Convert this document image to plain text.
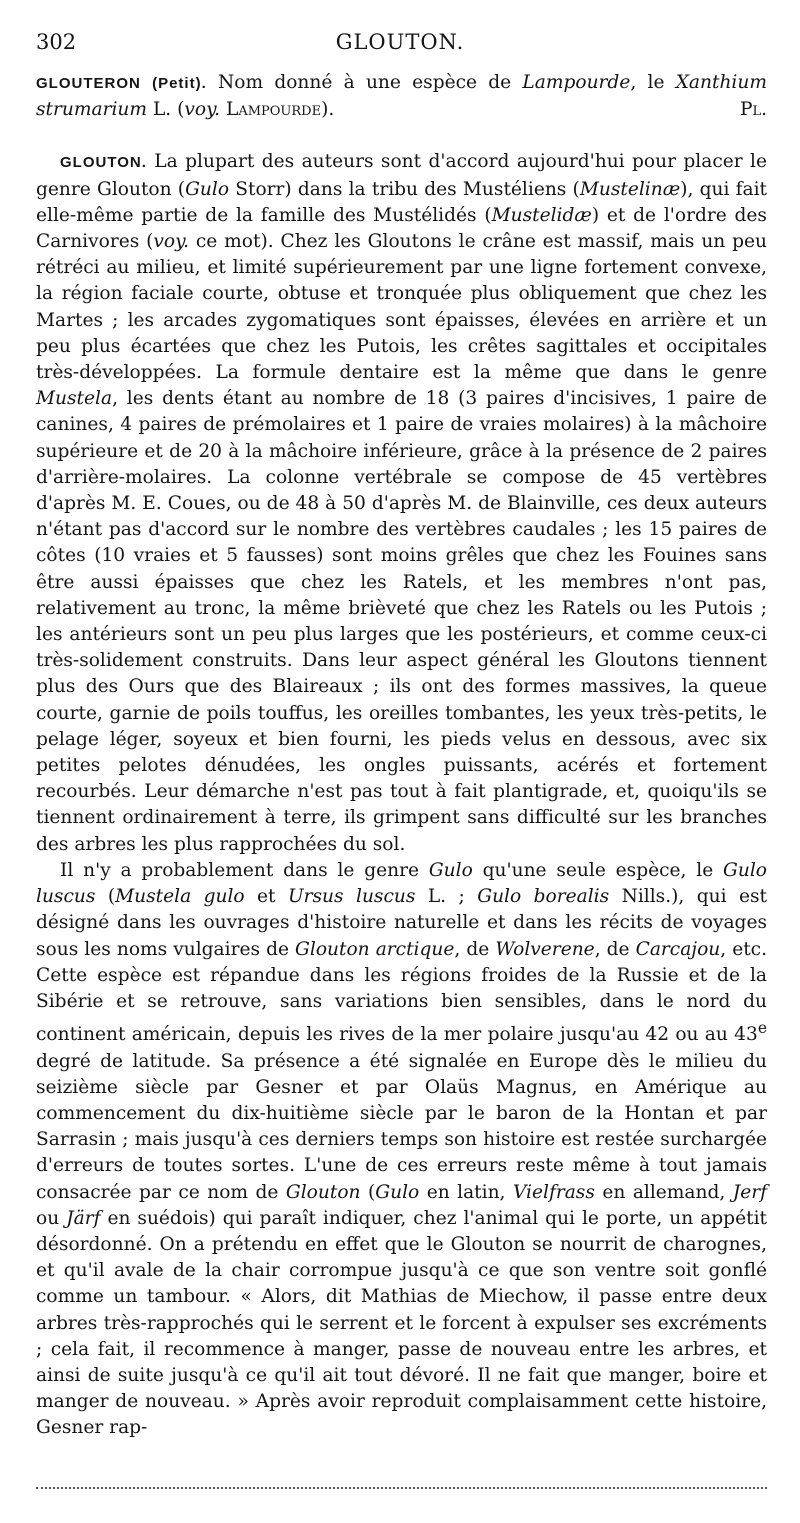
302	GLOUTON.

GLOUTERON (Petit). Nom donné à une espèce de Lampourde, le Xanthium strumarium L. (voy. Lampourde).	Pl.

GLOUTON. La plupart des auteurs sont d'accord aujourd'hui pour placer le genre Glouton (Gulo Storr) dans la tribu des Mustéliens (Mustelinæ), qui fait elle-même partie de la famille des Mustélidés (Mustelidæ) et de l'ordre des Carnivores (voy. ce mot). Chez les Gloutons le crâne est massif, mais un peu rétréci au milieu, et limité supérieurement par une ligne fortement convexe, la région faciale courte, obtuse et tronquée plus obliquement que chez les Martes ; les arcades zygomatiques sont épaisses, élevées en arrière et un peu plus écartées que chez les Putois, les crêtes sagittales et occipitales très-développées. La formule dentaire est la même que dans le genre Mustela, les dents étant au nombre de 18 (3 paires d'incisives, 1 paire de canines, 4 paires de prémolaires et 1 paire de vraies molaires) à la mâchoire supérieure et de 20 à la mâchoire inférieure, grâce à la présence de 2 paires d'arrière-molaires. La colonne vertébrale se compose de 45 vertèbres d'après M. E. Coues, ou de 48 à 50 d'après M. de Blainville, ces deux auteurs n'étant pas d'accord sur le nombre des vertèbres caudales ; les 15 paires de côtes (10 vraies et 5 fausses) sont moins grêles que chez les Fouines sans être aussi épaisses que chez les Ratels, et les membres n'ont pas, relativement au tronc, la même brièveté que chez les Ratels ou les Putois ; les antérieurs sont un peu plus larges que les postérieurs, et comme ceux-ci très-solidement construits. Dans leur aspect général les Gloutons tiennent plus des Ours que des Blaireaux ; ils ont des formes massives, la queue courte, garnie de poils touffus, les oreilles tombantes, les yeux très-petits, le pelage léger, soyeux et bien fourni, les pieds velus en dessous, avec six petites pelotes dénudées, les ongles puissants, acérés et fortement recourbés. Leur démarche n'est pas tout à fait plantigrade, et, quoiqu'ils se tiennent ordinairement à terre, ils grimpent sans difficulté sur les branches des arbres les plus rapprochées du sol.

Il n'y a probablement dans le genre Gulo qu'une seule espèce, le Gulo luscus (Mustela gulo et Ursus luscus L. ; Gulo borealis Nills.), qui est désigné dans les ouvrages d'histoire naturelle et dans les récits de voyages sous les noms vulgaires de Glouton arctique, de Wolverene, de Carcajou, etc. Cette espèce est répandue dans les régions froides de la Russie et de la Sibérie et se retrouve, sans variations bien sensibles, dans le nord du continent américain, depuis les rives de la mer polaire jusqu'au 42 ou au 43e degré de latitude. Sa présence a été signalée en Europe dès le milieu du seizième siècle par Gesner et par Olaüs Magnus, en Amérique au commencement du dix-huitième siècle par le baron de la Hontan et par Sarrasin ; mais jusqu'à ces derniers temps son histoire est restée surchargée d'erreurs de toutes sortes. L'une de ces erreurs reste même à tout jamais consacrée par ce nom de Glouton (Gulo en latin, Vielfrass en allemand, Jerf ou Järf en suédois) qui paraît indiquer, chez l'animal qui le porte, un appétit désordonné. On a prétendu en effet que le Glouton se nourrit de charognes, et qu'il avale de la chair corrompue jusqu'à ce que son ventre soit gonflé comme un tambour. « Alors, dit Mathias de Miechow, il passe entre deux arbres très-rapprochés qui le serrent et le forcent à expulser ses excréments ; cela fait, il recommence à manger, passe de nouveau entre les arbres, et ainsi de suite jusqu'à ce qu'il ait tout dévoré. Il ne fait que manger, boire et manger de nouveau. » Après avoir reproduit complaisamment cette histoire, Gesner rap-
